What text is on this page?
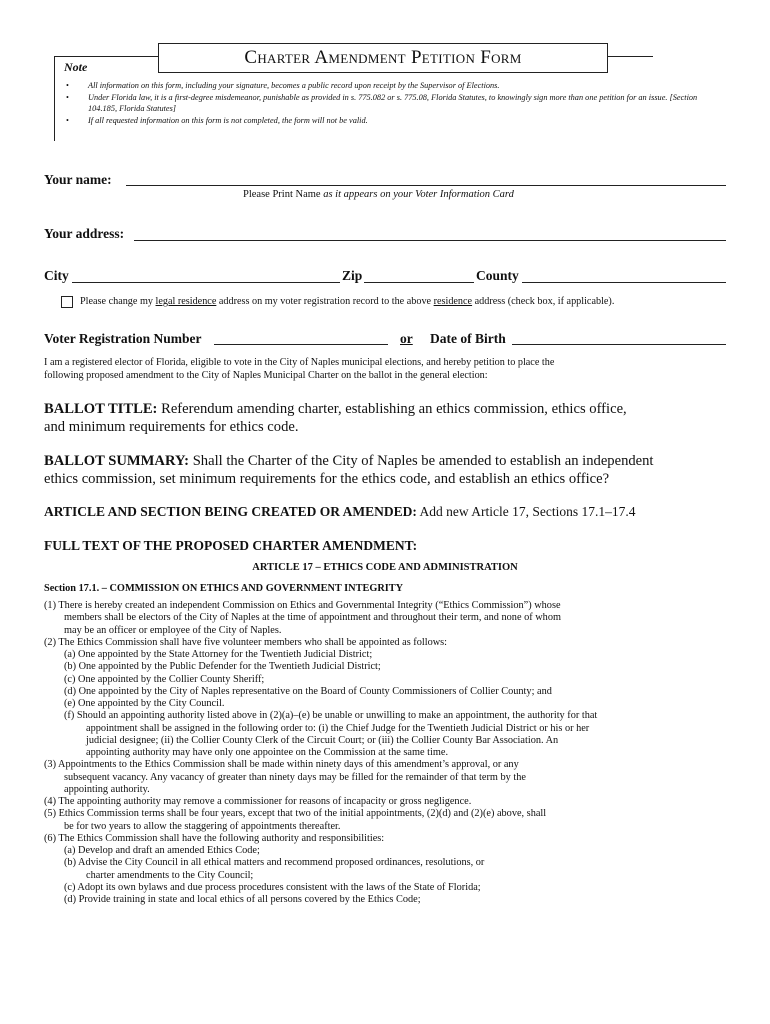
Note	Charter Amendment Petition Form
• All information on this form, including your signature, becomes a public record upon receipt by the Supervisor of Elections.
• Under Florida law, it is a first-degree misdemeanor, punishable as provided in s. 775.082 or s. 775.08, Florida Statutes, to knowingly sign more than one petition for an issue. [Section 104.185, Florida Statutes]
• If all requested information on this form is not completed, the form will not be valid.
Your name:
Please Print Name as it appears on your Voter Information Card
Your address:
City	Zip	County
Please change my legal residence address on my voter registration record to the above residence address (check box, if applicable).
Voter Registration Number	or Date of Birth
I am a registered elector of Florida, eligible to vote in the City of Naples municipal elections, and hereby petition to place the
following proposed amendment to the City of Naples Municipal Charter on the ballot in the general election:
BALLOT TITLE: Referendum amending charter, establishing an ethics commission, ethics office,
and minimum requirements for ethics code.
BALLOT SUMMARY: Shall the Charter of the City of Naples be amended to establish an independent
ethics commission, set minimum requirements for the ethics code, and establish an ethics office?
ARTICLE AND SECTION BEING CREATED OR AMENDED: Add new Article 17, Sections 17.1–17.4
FULL TEXT OF THE PROPOSED CHARTER AMENDMENT:
ARTICLE 17 – ETHICS CODE AND ADMINISTRATION
Section 17.1. – COMMISSION ON ETHICS AND GOVERNMENT INTEGRITY
(1) There is hereby created an independent Commission on Ethics and Governmental Integrity (“Ethics Commission”) whose
members shall be electors of the City of Naples at the time of appointment and throughout their term, and none of whom
may be an officer or employee of the City of Naples.
(2) The Ethics Commission shall have five volunteer members who shall be appointed as follows:
(a) One appointed by the State Attorney for the Twentieth Judicial District;
(b) One appointed by the Public Defender for the Twentieth Judicial District;
(c) One appointed by the Collier County Sheriff;
(d) One appointed by the City of Naples representative on the Board of County Commissioners of Collier County; and
(e) One appointed by the City Council.
(f) Should an appointing authority listed above in (2)(a)–(e) be unable or unwilling to make an appointment, the authority for that
appointment shall be assigned in the following order to: (i) the Chief Judge for the Twentieth Judicial District or his or her
judicial designee; (ii) the Collier County Clerk of the Circuit Court; or (iii) the Collier County Bar Association. An
appointing authority may have only one appointee on the Commission at the same time.
(3) Appointments to the Ethics Commission shall be made within ninety days of this amendment’s approval, or any
subsequent vacancy. Any vacancy of greater than ninety days may be filled for the remainder of that term by the
appointing authority.
(4) The appointing authority may remove a commissioner for reasons of incapacity or gross negligence.
(5) Ethics Commission terms shall be four years, except that two of the initial appointments, (2)(d) and (2)(e) above, shall
be for two years to allow the staggering of appointments thereafter.
(6) The Ethics Commission shall have the following authority and responsibilities:
(a) Develop and draft an amended Ethics Code;
(b) Advise the City Council in all ethical matters and recommend proposed ordinances, resolutions, or
charter amendments to the City Council;
(c) Adopt its own bylaws and due process procedures consistent with the laws of the State of Florida;
(d) Provide training in state and local ethics of all persons covered by the Ethics Code;
